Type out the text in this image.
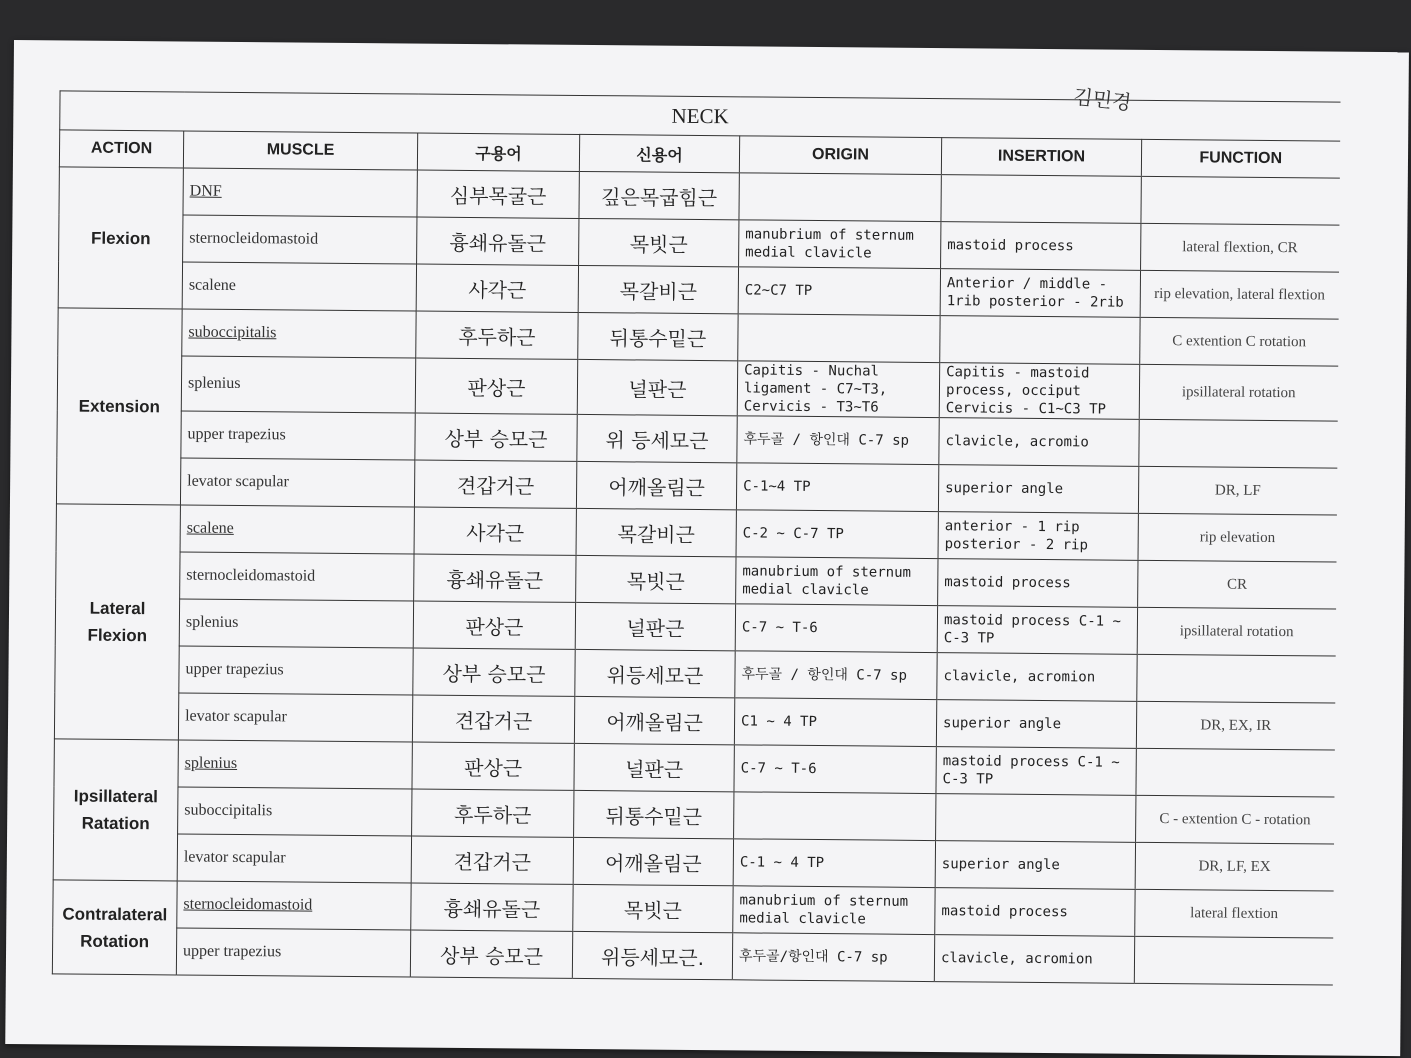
김민경
NECK						
ACTION	MUSCLE	구용어	신용어	ORIGIN	INSERTION	FUNCTION
Flexion	DNF	심부목굴근	깊은목굽힘근			
	sternocleidomastoid	흉쇄유돌근	목빗근	manubrium of sternum medial clavicle	mastoid process	lateral flextion, CR
	scalene	사각근	목갈비근	C2~C7 TP	Anterior / middle - 1rib posterior - 2rib	rip elevation, lateral flextion
Extension	suboccipitalis	후두하근	뒤통수밑근			C extention C rotation
	splenius	판상근	널판근	Capitis - Nuchal ligament - C7~T3, Cervicis - T3~T6	Capitis - mastoid process, occiput Cervicis - C1~C3 TP	ipsillateral rotation
	upper trapezius	상부 승모근	위 등세모근	후두골 / 항인대 C-7 sp	clavicle, acromio	
	levator scapular	견갑거근	어깨올림근	C-1~4 TP	superior angle	DR, LF
Lateral Flexion	scalene	사각근	목갈비근	C-2 ~ C-7 TP	anterior - 1 rip posterior - 2 rip	rip elevation
	sternocleidomastoid	흉쇄유돌근	목빗근	manubrium of sternum medial clavicle	mastoid process	CR
	splenius	판상근	널판근	C-7 ~ T-6	mastoid process C-1 ~ C-3 TP	ipsillateral rotation
	upper trapezius	상부 승모근	위등세모근	후두골 / 항인대 C-7 sp	clavicle, acromion	
	levator scapular	견갑거근	어깨올림근	C1 ~ 4 TP	superior angle	DR, EX, IR
Ipsillateral Ratation	splenius	판상근	널판근	C-7 ~ T-6	mastoid process C-1 ~ C-3 TP	
	suboccipitalis	후두하근	뒤통수밑근			C - extention C - rotation
	levator scapular	견갑거근	어깨올림근	C-1 ~ 4 TP	superior angle	DR, LF, EX
Contralateral Rotation	sternocleidomastoid	흉쇄유돌근	목빗근	manubrium of sternum medial clavicle	mastoid process	lateral flextion
	upper trapezius	상부 승모근	위등세모근.	후두골/항인대 C-7 sp	clavicle, acromion	
